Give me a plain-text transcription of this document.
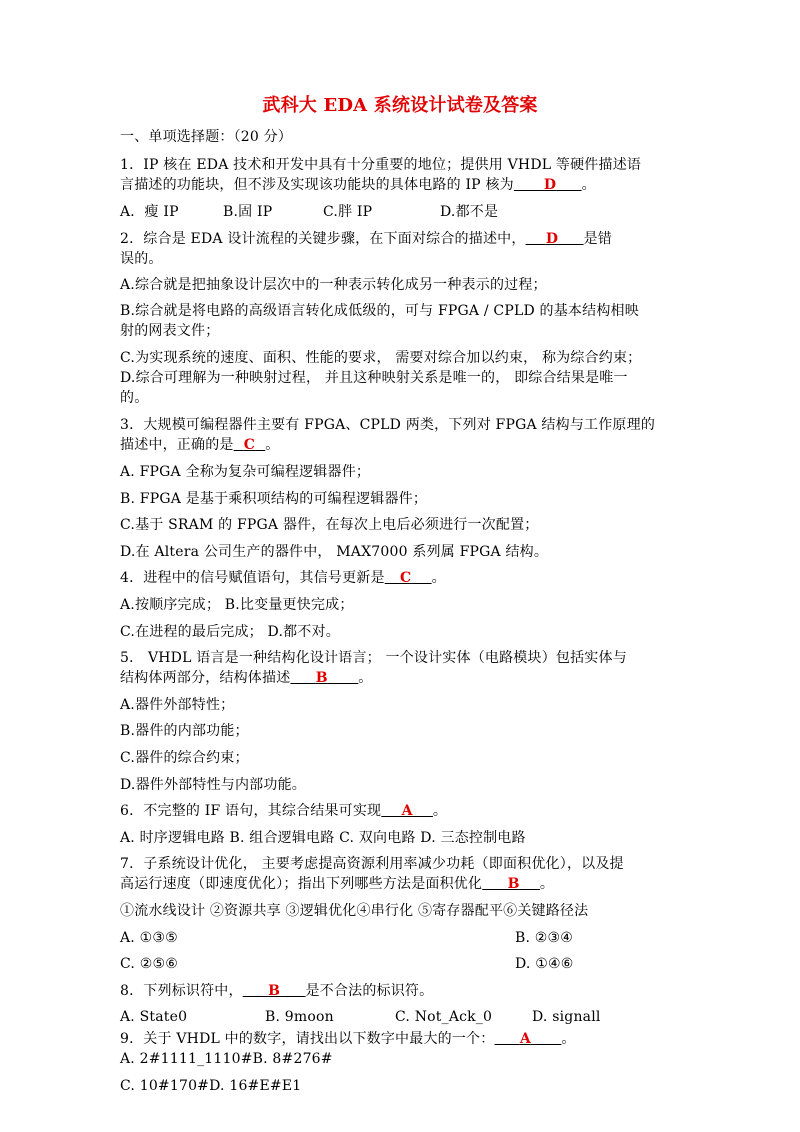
武科大 EDA 系统设计试卷及答案
一、单项选择题：（20 分）
1．IP 核在 EDA 技术和开发中具有十分重要的地位；提供用 VHDL 等硬件描述语
言描述的功能块，但不涉及实现该功能块的具体电路的 IP 核为 D 。
A．瘦 IP	B.固 IP	C.胖 IP	D.都不是
2．综合是 EDA 设计流程的关键步骤，在下面对综合的描述中， D 是错
误的。
A.综合就是把抽象设计层次中的一种表示转化成另一种表示的过程；
B.综合就是将电路的高级语言转化成低级的，可与 FPGA / CPLD 的基本结构相映
射的网表文件；
C.为实现系统的速度、面积、性能的要求， 需要对综合加以约束， 称为综合约束；
D.综合可理解为一种映射过程， 并且这种映射关系是唯一的， 即综合结果是唯一
的。
3．大规模可编程器件主要有 FPGA、CPLD 两类，下列对 FPGA 结构与工作原理的
描述中，正确的是 C 。
A. FPGA 全称为复杂可编程逻辑器件；
B. FPGA 是基于乘积项结构的可编程逻辑器件；
C.基于 SRAM 的 FPGA 器件，在每次上电后必须进行一次配置；
D.在 Altera 公司生产的器件中， MAX7000 系列属 FPGA 结构。
4．进程中的信号赋值语句，其信号更新是 C 。
A.按顺序完成； B.比变量更快完成；
C.在进程的最后完成； D.都不对。
5． VHDL 语言是一种结构化设计语言； 一个设计实体（电路模块）包括实体与
结构体两部分，结构体描述 B 。
A.器件外部特性；
B.器件的内部功能；
C.器件的综合约束；
D.器件外部特性与内部功能。
6．不完整的 IF 语句，其综合结果可实现 A 。
A. 时序逻辑电路 B. 组合逻辑电路 C. 双向电路 D. 三态控制电路
7．子系统设计优化， 主要考虑提高资源利用率减少功耗（即面积优化），以及提
高运行速度（即速度优化）；指出下列哪些方法是面积优化 B 。
①流水线设计 ②资源共享 ③逻辑优化④串行化 ⑤寄存器配平⑥关键路径法
A. ①③⑤	B. ②③④
C. ②⑤⑥	D. ①④⑥
8．下列标识符中， B 是不合法的标识符。
A. State0	B. 9moon	C. Not_Ack_0	D. signall
9．关于 VHDL 中的数字，请找出以下数字中最大的一个： A 。
A. 2#1111_1110#B. 8#276#
C. 10#170#D. 16#E#E1
